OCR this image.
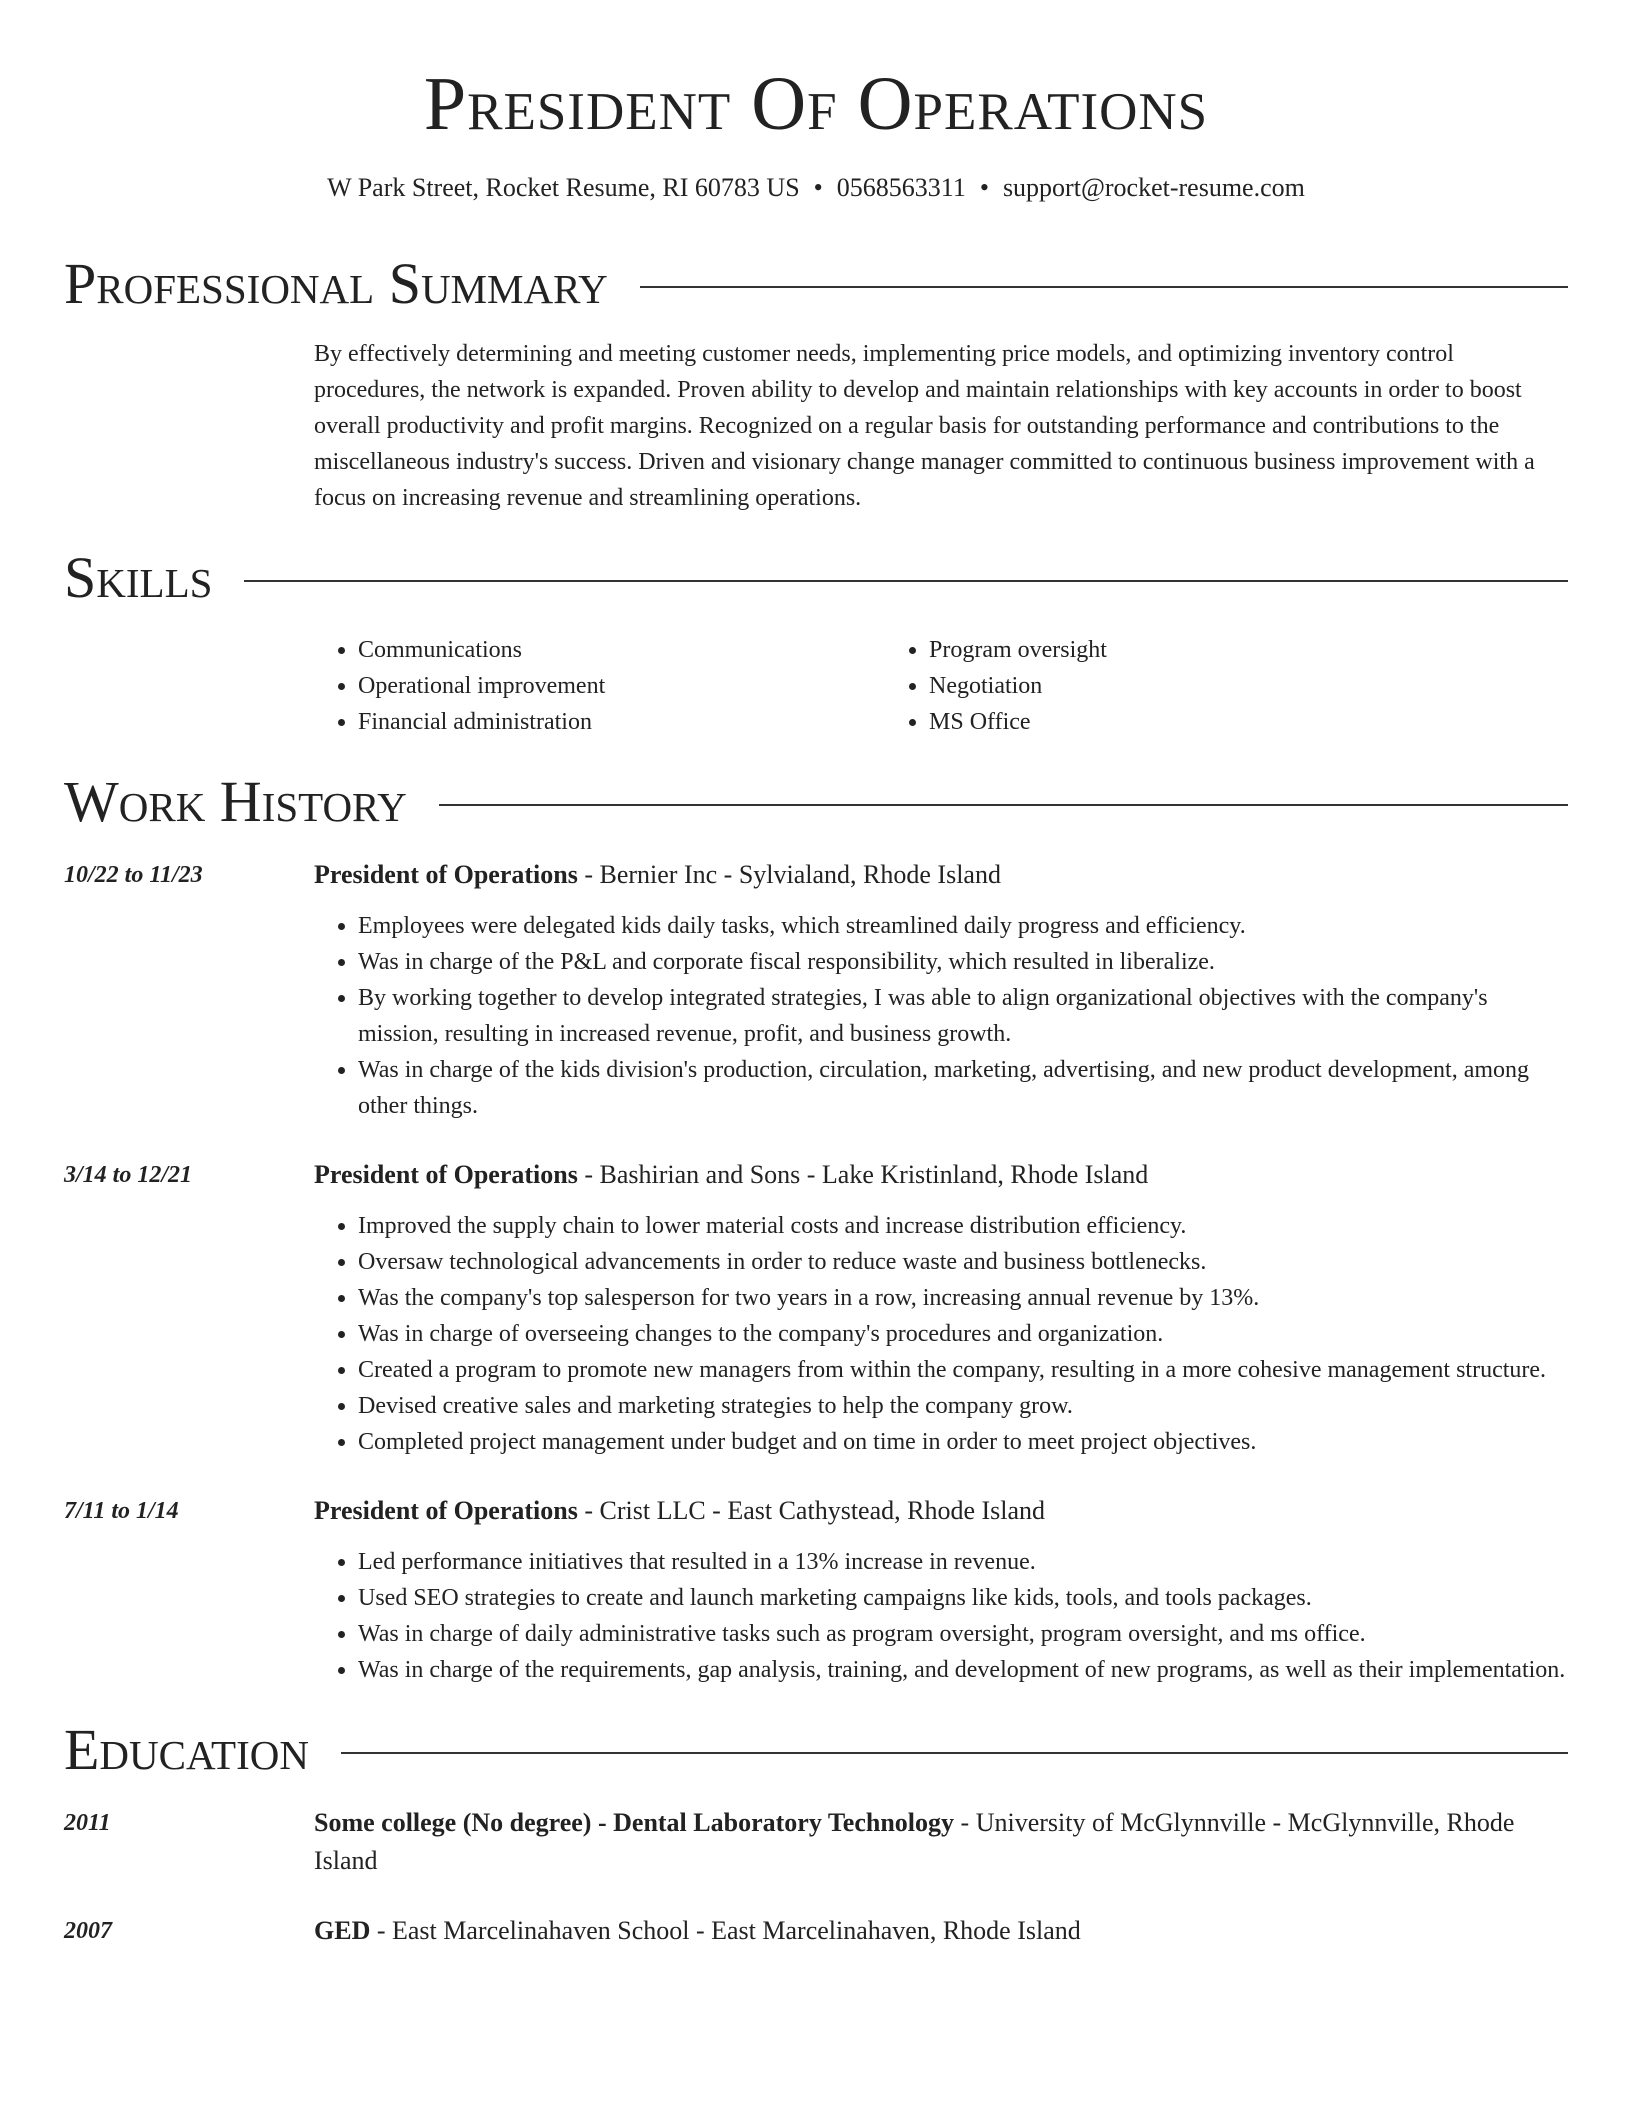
President Of Operations
W Park Street, Rocket Resume, RI 60783 US • 0568563311 • support@rocket-resume.com
Professional Summary
By effectively determining and meeting customer needs, implementing price models, and optimizing inventory control procedures, the network is expanded. Proven ability to develop and maintain relationships with key accounts in order to boost overall productivity and profit margins. Recognized on a regular basis for outstanding performance and contributions to the miscellaneous industry's success. Driven and visionary change manager committed to continuous business improvement with a focus on increasing revenue and streamlining operations.
Skills
• Communications
• Operational improvement
• Financial administration
• Program oversight
• Negotiation
• MS Office
Work History
10/22 to 11/23	President of Operations - Bernier Inc - Sylvialand, Rhode Island
• Employees were delegated kids daily tasks, which streamlined daily progress and efficiency.
• Was in charge of the P&L and corporate fiscal responsibility, which resulted in liberalize.
• By working together to develop integrated strategies, I was able to align organizational objectives with the company's mission, resulting in increased revenue, profit, and business growth.
• Was in charge of the kids division's production, circulation, marketing, advertising, and new product development, among other things.
3/14 to 12/21	President of Operations - Bashirian and Sons - Lake Kristinland, Rhode Island
• Improved the supply chain to lower material costs and increase distribution efficiency.
• Oversaw technological advancements in order to reduce waste and business bottlenecks.
• Was the company's top salesperson for two years in a row, increasing annual revenue by 13%.
• Was in charge of overseeing changes to the company's procedures and organization.
• Created a program to promote new managers from within the company, resulting in a more cohesive management structure.
• Devised creative sales and marketing strategies to help the company grow.
• Completed project management under budget and on time in order to meet project objectives.
7/11 to 1/14	President of Operations - Crist LLC - East Cathystead, Rhode Island
• Led performance initiatives that resulted in a 13% increase in revenue.
• Used SEO strategies to create and launch marketing campaigns like kids, tools, and tools packages.
• Was in charge of daily administrative tasks such as program oversight, program oversight, and ms office.
• Was in charge of the requirements, gap analysis, training, and development of new programs, as well as their implementation.
Education
2011	Some college (No degree) - Dental Laboratory Technology - University of McGlynnville - McGlynnville, Rhode Island
2007	GED - East Marcelinahaven School - East Marcelinahaven, Rhode Island
